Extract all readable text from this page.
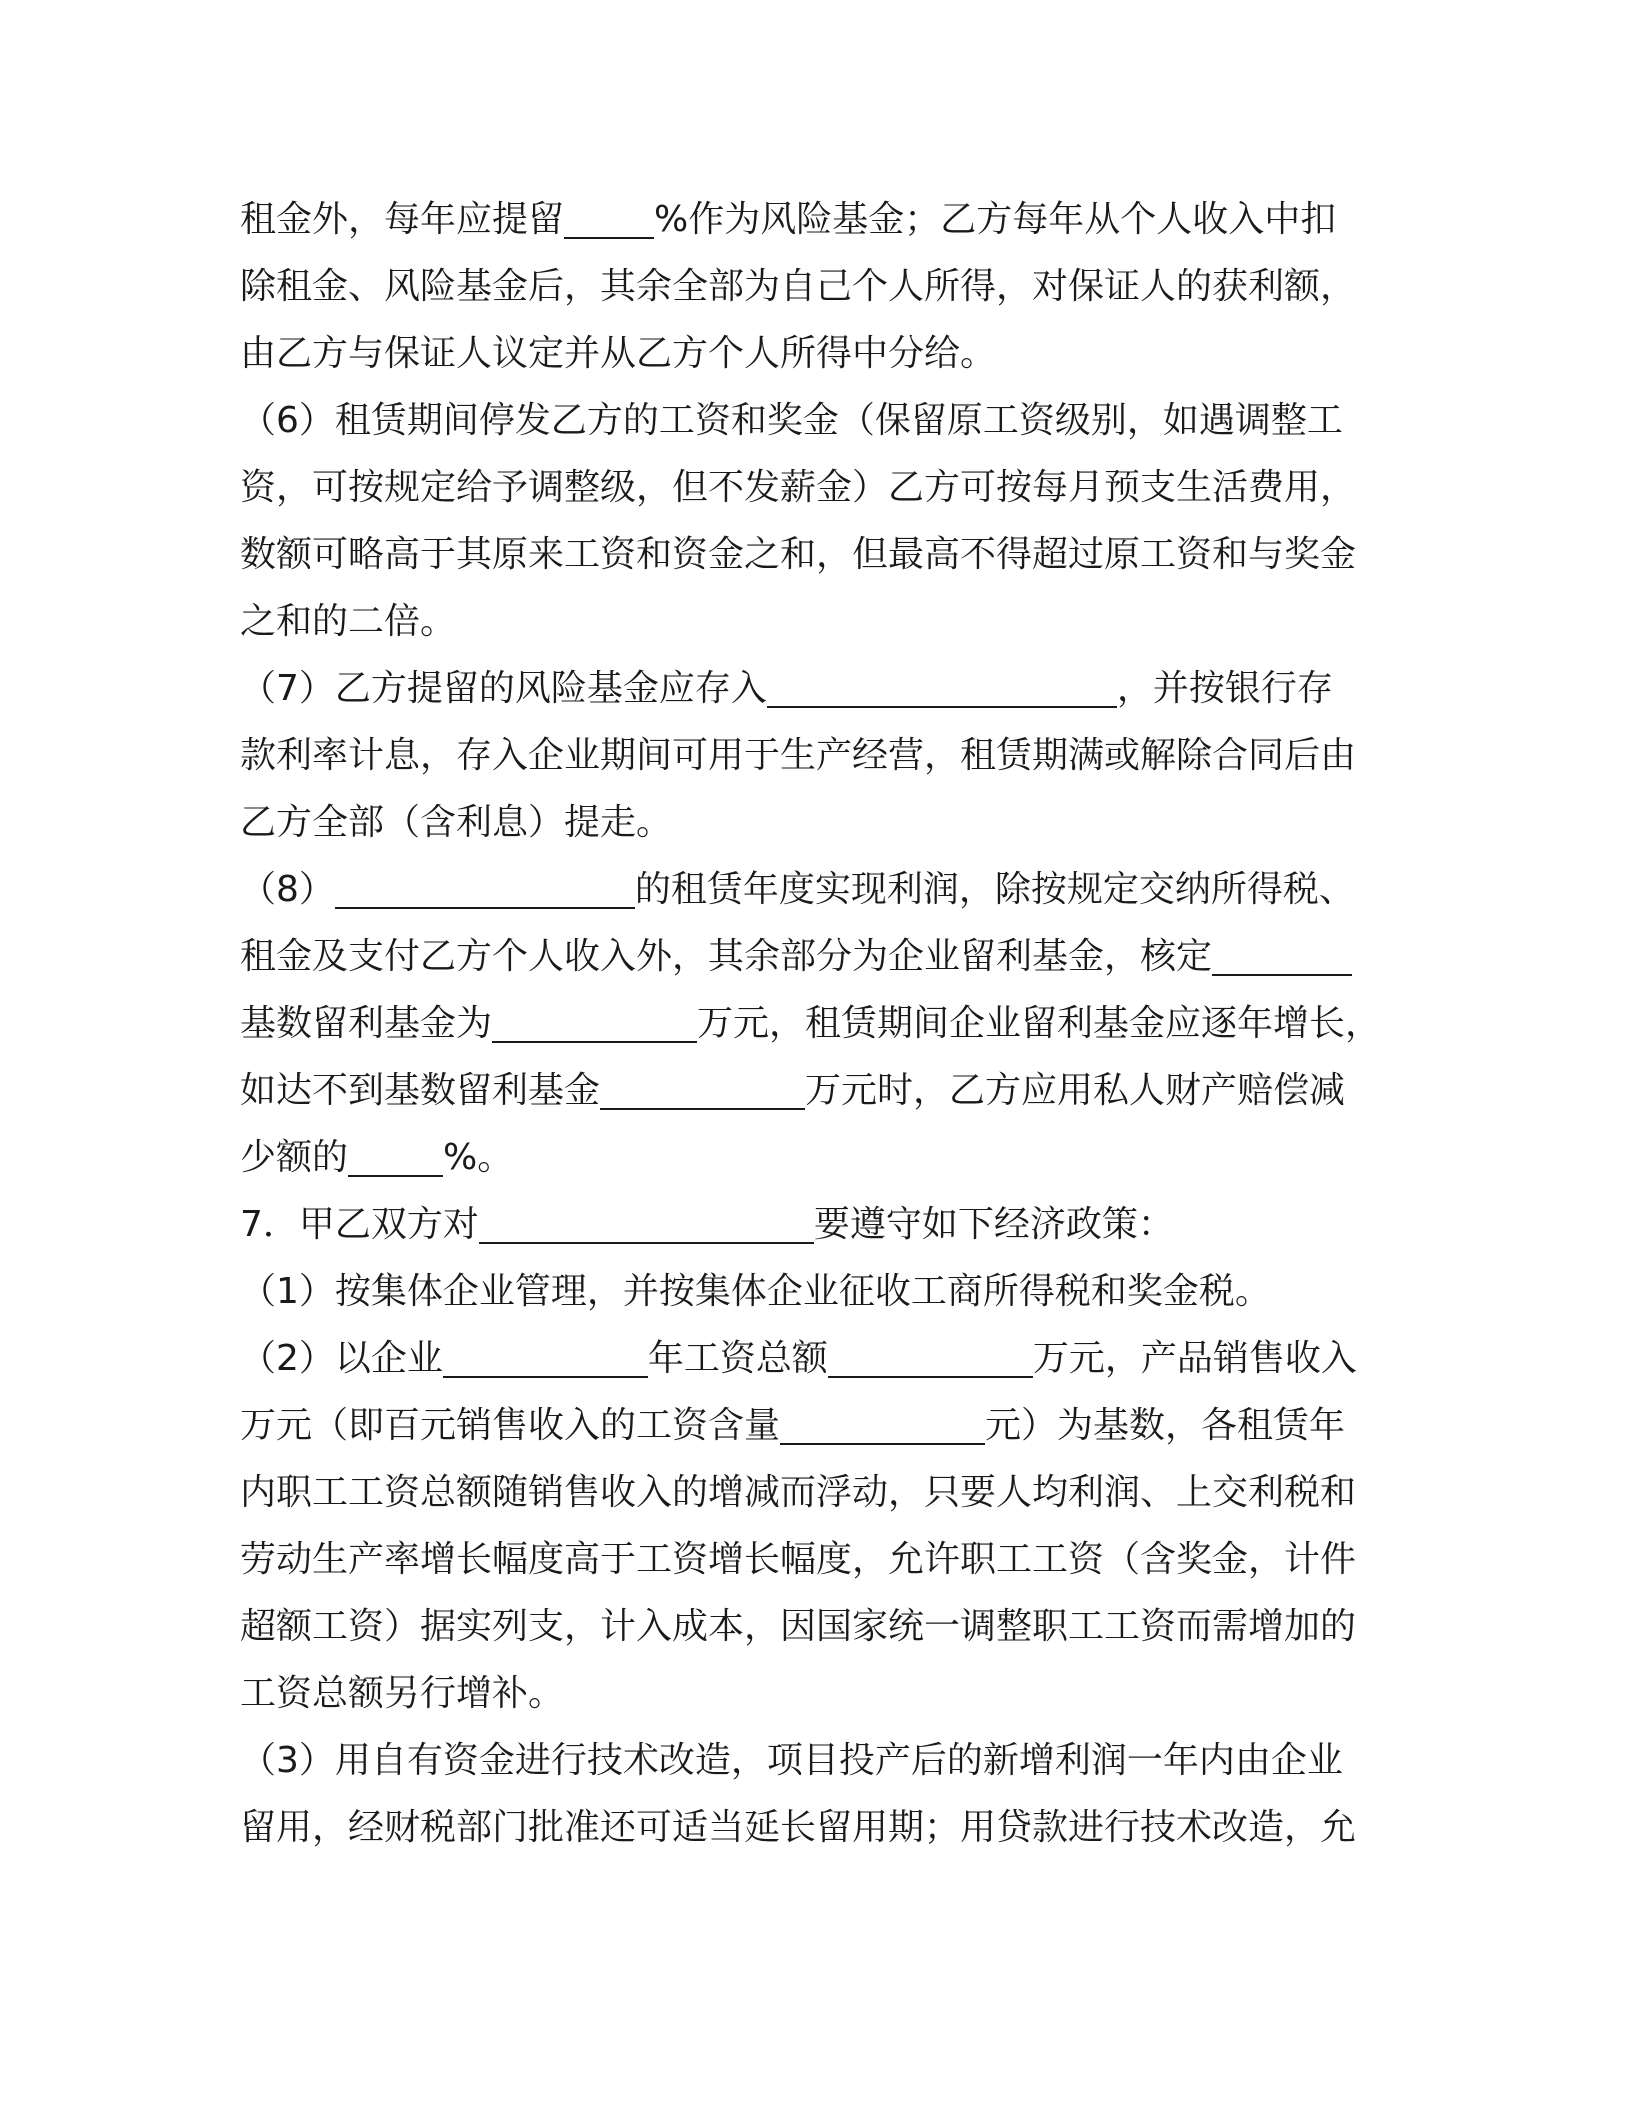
租金外，每年应提留	%作为风险基金；乙方每年从个人收入中扣
除租金、风险基金后，其余全部为自己个人所得，对保证人的获利额，
由乙方与保证人议定并从乙方个人所得中分给。
（6）租赁期间停发乙方的工资和奖金（保留原工资级别，如遇调整工
资，可按规定给予调整级，但不发薪金）乙方可按每月预支生活费用，
数额可略高于其原来工资和资金之和，但最高不得超过原工资和与奖金
之和的二倍。
（7）乙方提留的风险基金应存入	，并按银行存
款利率计息，存入企业期间可用于生产经营，租赁期满或解除合同后由
乙方全部（含利息）提走。
（8）	的租赁年度实现利润，除按规定交纳所得税、
租金及支付乙方个人收入外，其余部分为企业留利基金，核定
基数留利基金为	万元，租赁期间企业留利基金应逐年增长，
如达不到基数留利基金	万元时，乙方应用私人财产赔偿减
少额的	%。
7．甲乙双方对	要遵守如下经济政策：
（1）按集体企业管理，并按集体企业征收工商所得税和奖金税。
（2）以企业	年工资总额	万元，产品销售收入
万元（即百元销售收入的工资含量	元）为基数，各租赁年
内职工工资总额随销售收入的增减而浮动，只要人均利润、上交利税和
劳动生产率增长幅度高于工资增长幅度，允许职工工资（含奖金，计件
超额工资）据实列支，计入成本，因国家统一调整职工工资而需增加的
工资总额另行增补。
（3）用自有资金进行技术改造，项目投产后的新增利润一年内由企业
留用，经财税部门批准还可适当延长留用期；用贷款进行技术改造，允
